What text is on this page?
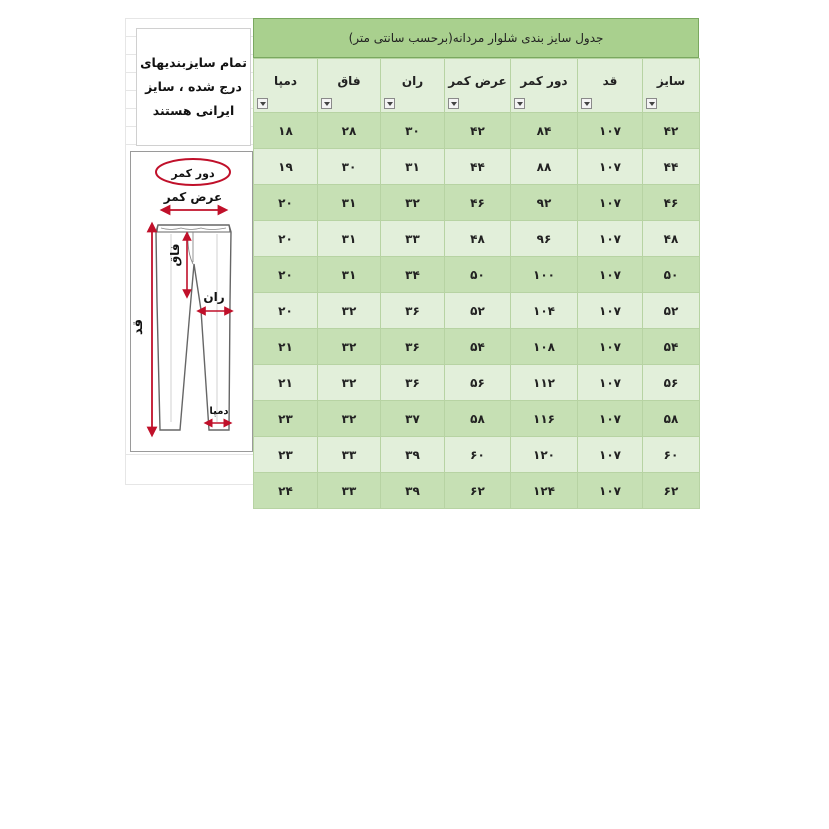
تمام سایزبندیهای
درج شده ، سایز
ایرانی هستند
دور کمر
عرض کمر
فاق
ران
قد
دمپا
جدول سایز بندی شلوار مردانه(برحسب سانتی متر)
سایز	قد	دور کمر	عرض کمر	ران	فاق	دمپا

۴۲	۱۰۷	۸۴	۴۲	۳۰	۲۸	۱۸
۴۴	۱۰۷	۸۸	۴۴	۳۱	۳۰	۱۹
۴۶	۱۰۷	۹۲	۴۶	۳۲	۳۱	۲۰
۴۸	۱۰۷	۹۶	۴۸	۳۳	۳۱	۲۰
۵۰	۱۰۷	۱۰۰	۵۰	۳۴	۳۱	۲۰
۵۲	۱۰۷	۱۰۴	۵۲	۳۶	۳۲	۲۰
۵۴	۱۰۷	۱۰۸	۵۴	۳۶	۳۲	۲۱
۵۶	۱۰۷	۱۱۲	۵۶	۳۶	۳۲	۲۱
۵۸	۱۰۷	۱۱۶	۵۸	۳۷	۳۲	۲۳
۶۰	۱۰۷	۱۲۰	۶۰	۳۹	۳۳	۲۳
۶۲	۱۰۷	۱۲۴	۶۲	۳۹	۳۳	۲۴
